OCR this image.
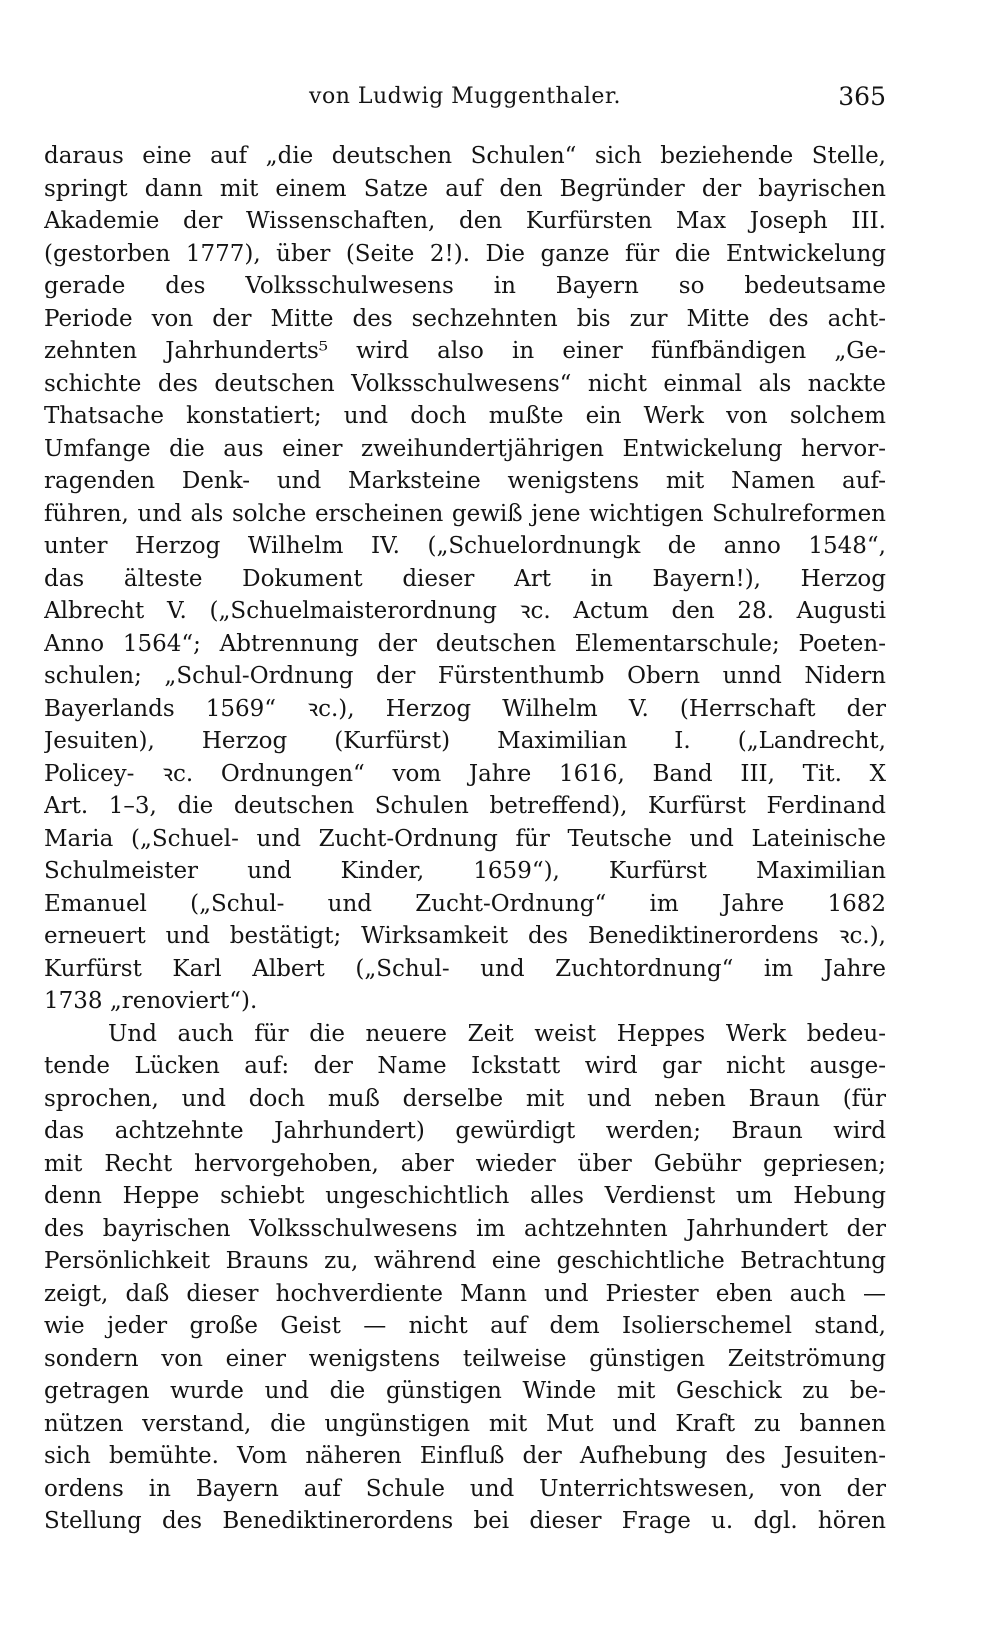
von Ludwig Muggenthaler.	365
daraus eine auf „die deutschen Schulen“ sich beziehende Stelle,
springt dann mit einem Satze auf den Begründer der bayrischen
Akademie der Wissenschaften, den Kurfürsten Max Joseph III.
(gestorben 1777), über (Seite 2!). Die ganze für die Entwickelung
gerade des Volksschulwesens in Bayern so bedeutsame
Periode von der Mitte des sechzehnten bis zur Mitte des acht-
zehnten Jahrhunderts⁵ wird also in einer fünfbändigen „Ge-
schichte des deutschen Volksschulwesens“ nicht einmal als nackte
Thatsache konstatiert; und doch mußte ein Werk von solchem
Umfange die aus einer zweihundertjährigen Entwickelung hervor-
ragenden Denk- und Marksteine wenigstens mit Namen auf-
führen, und als solche erscheinen gewiß jene wichtigen Schulreformen
unter Herzog Wilhelm IV. („Schuelordnungk de anno 1548“,
das älteste Dokument dieser Art in Bayern!), Herzog
Albrecht V. („Schuelmaisterordnung ꝛc. Actum den 28. Augusti
Anno 1564“; Abtrennung der deutschen Elementarschule; Poeten-
schulen; „Schul-Ordnung der Fürstenthumb Obern unnd Nidern
Bayerlands 1569“ ꝛc.), Herzog Wilhelm V. (Herrschaft der
Jesuiten), Herzog (Kurfürst) Maximilian I. („Landrecht,
Policey- ꝛc. Ordnungen“ vom Jahre 1616, Band III, Tit. X
Art. 1–3, die deutschen Schulen betreffend), Kurfürst Ferdinand
Maria („Schuel- und Zucht-Ordnung für Teutsche und Lateinische
Schulmeister und Kinder, 1659“), Kurfürst Maximilian
Emanuel („Schul- und Zucht-Ordnung“ im Jahre 1682
erneuert und bestätigt; Wirksamkeit des Benediktinerordens ꝛc.),
Kurfürst Karl Albert („Schul- und Zuchtordnung“ im Jahre
1738 „renoviert“).
Und auch für die neuere Zeit weist Heppes Werk bedeu-
tende Lücken auf: der Name Ickstatt wird gar nicht ausge-
sprochen, und doch muß derselbe mit und neben Braun (für
das achtzehnte Jahrhundert) gewürdigt werden; Braun wird
mit Recht hervorgehoben, aber wieder über Gebühr gepriesen;
denn Heppe schiebt ungeschichtlich alles Verdienst um Hebung
des bayrischen Volksschulwesens im achtzehnten Jahrhundert der
Persönlichkeit Brauns zu, während eine geschichtliche Betrachtung
zeigt, daß dieser hochverdiente Mann und Priester eben auch —
wie jeder große Geist — nicht auf dem Isolierschemel stand,
sondern von einer wenigstens teilweise günstigen Zeitströmung
getragen wurde und die günstigen Winde mit Geschick zu be-
nützen verstand, die ungünstigen mit Mut und Kraft zu bannen
sich bemühte. Vom näheren Einfluß der Aufhebung des Jesuiten-
ordens in Bayern auf Schule und Unterrichtswesen, von der
Stellung des Benediktinerordens bei dieser Frage u. dgl. hören
